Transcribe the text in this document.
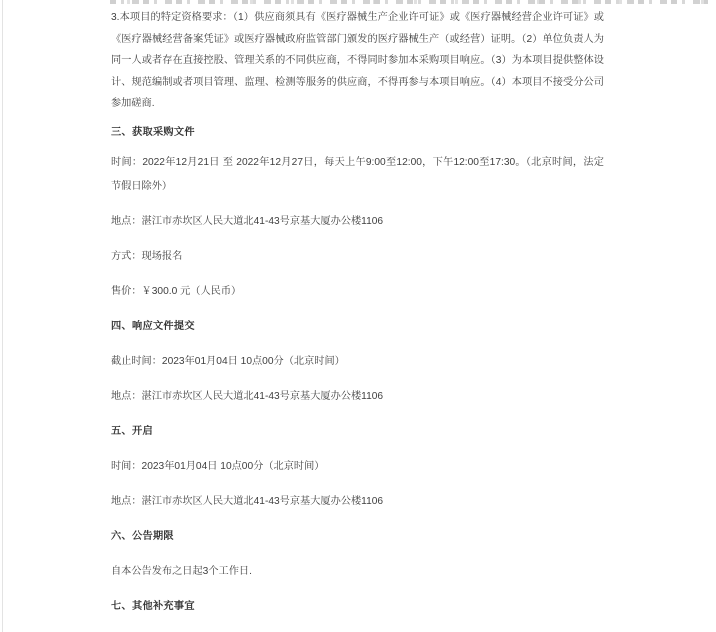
3.本项目的特定资格要求：（1）供应商须具有《医疗器械生产企业许可证》或《医疗器械经营企业许可证》或《医疗器械经营备案凭证》或医疗器械政府监管部门颁发的医疗器械生产（或经营）证明。（2）单位负责人为同一人或者存在直接控股、管理关系的不同供应商，不得同时参加本采购项目响应。（3）为本项目提供整体设计、规范编制或者项目管理、监理、检测等服务的供应商，不得再参与本项目响应。（4）本项目不接受分公司参加磋商.

三、获取采购文件

时间：2022年12月21日 至 2022年12月27日，每天上午9:00至12:00，下午12:00至17:30。（北京时间，法定节假日除外）

地点：湛江市赤坎区人民大道北41-43号京基大厦办公楼1106

方式：现场报名

售价：￥300.0 元（人民币）

四、响应文件提交

截止时间：2023年01月04日 10点00分（北京时间）

地点：湛江市赤坎区人民大道北41-43号京基大厦办公楼1106

五、开启

时间：2023年01月04日 10点00分（北京时间）

地点：湛江市赤坎区人民大道北41-43号京基大厦办公楼1106

六、公告期限

自本公告发布之日起3个工作日.

七、其他补充事宜
